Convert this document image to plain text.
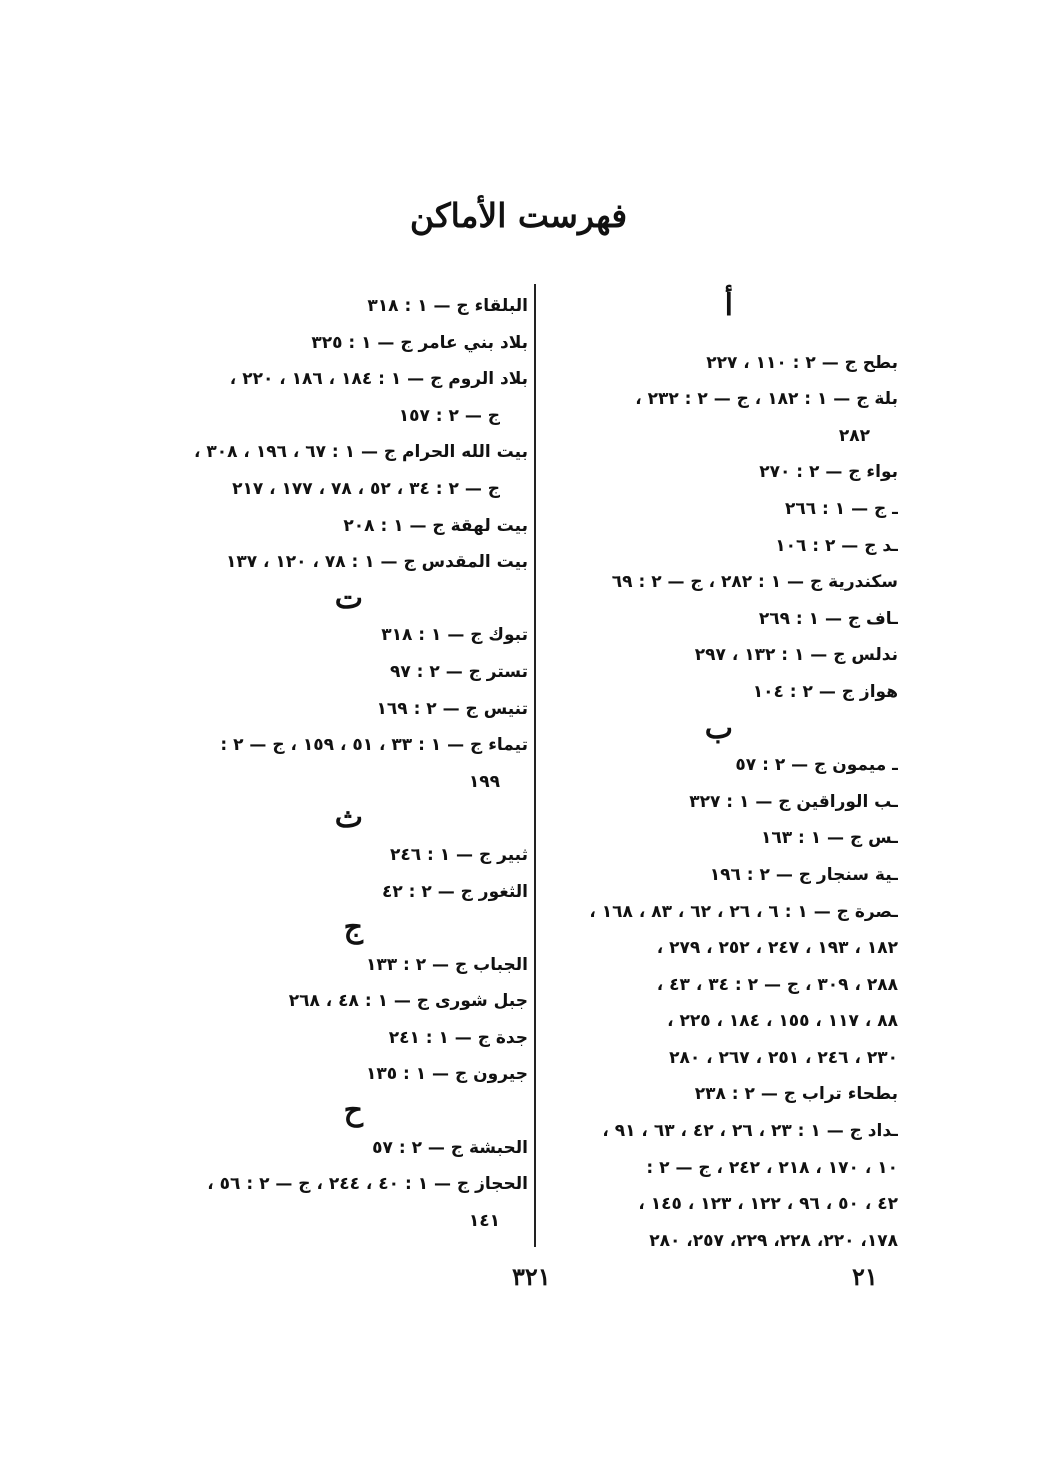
فهرست الأماكن
أ
بطح ج — ٢ : ١١٠ ، ٢٢٧
بلة ج — ١ : ١٨٢ ، ج — ٢ : ٢٣٢ ،
٢٨٢
بواء ج — ٢ : ٢٧٠
ـ ج — ١ : ٢٦٦
ـد ج — ٢ : ١٠٦
سكندرية ج — ١ : ٢٨٢ ، ج — ٢ : ٦٩
ـاف ج — ١ : ٢٦٩
ندلس ج — ١ : ١٣٢ ، ٢٩٧
هواز ج — ٢ : ١٠٤
ب
ـ ميمون ج — ٢ : ٥٧
ـب الوراقين ج — ١ : ٣٢٧
ـس ج — ١ : ١٦٣
ـية سنجار ج — ٢ : ١٩٦
ـصرة ج — ١ : ٦ ، ٢٦ ، ٦٢ ، ٨٣ ، ١٦٨ ،
١٨٢ ، ١٩٣ ، ٢٤٧ ، ٢٥٢ ، ٢٧٩ ،
٢٨٨ ، ٣٠٩ ، ج — ٢ : ٣٤ ، ٤٣ ،
٨٨ ، ١١٧ ، ١٥٥ ، ١٨٤ ، ٢٢٥ ،
٢٣٠ ، ٢٤٦ ، ٢٥١ ، ٢٦٧ ، ٢٨٠
بطحاء تراب ج — ٢ : ٢٣٨
ـداد ج — ١ : ٢٣ ، ٢٦ ، ٤٢ ، ٦٣ ، ٩١ ،
١٠ ، ١٧٠ ، ٢١٨ ، ٢٤٢ ، ج — ٢ :
٤٢ ، ٥٠ ، ٩٦ ، ١٢٢ ، ١٢٣ ، ١٤٥ ،
١٧٨، ٢٢٠، ٢٢٨، ٢٢٩، ٢٥٧، ٢٨٠
البلقاء ج — ١ : ٣١٨
بلاد بني عامر ج — ١ : ٣٢٥
بلاد الروم ج — ١ : ١٨٤ ، ١٨٦ ، ٢٢٠ ،
ج — ٢ : ١٥٧
بيت الله الحرام ج — ١ : ٦٧ ، ١٩٦ ، ٣٠٨ ،
ج — ٢ : ٣٤ ، ٥٢ ، ٧٨ ، ١٧٧ ، ٢١٧
بيت لهقة ج — ١ : ٢٠٨
بيت المقدس ج — ١ : ٧٨ ، ١٢٠ ، ١٣٧
ت
تبوك ج — ١ : ٣١٨
تستر ج — ٢ : ٩٧
تنيس ج — ٢ : ١٦٩
تيماء ج — ١ : ٣٣ ، ٥١ ، ١٥٩ ، ج — ٢ :
١٩٩
ث
ثبير ج — ١ : ٢٤٦
الثغور ج — ٢ : ٤٢
ج
الجباب ج — ٢ : ١٣٣
جبل شورى ج — ١ : ٤٨ ، ٢٦٨
جدة ج — ١ : ٢٤١
جيرون ج — ١ : ١٣٥
ح
الحبشة ج — ٢ : ٥٧
الحجاز ج — ١ : ٤٠ ، ٢٤٤ ، ج — ٢ : ٥٦ ،
١٤١
٣٢١	٢١
